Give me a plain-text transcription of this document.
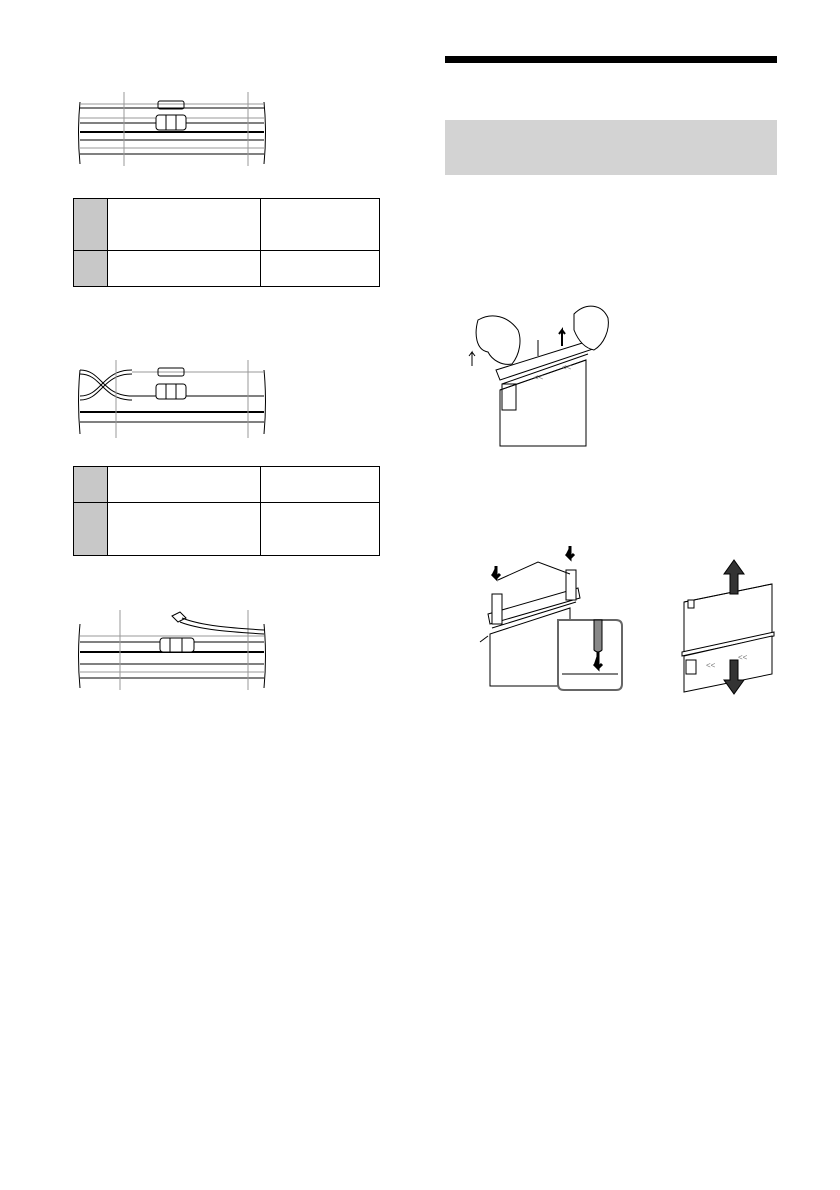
<<
<<
<<
<<
